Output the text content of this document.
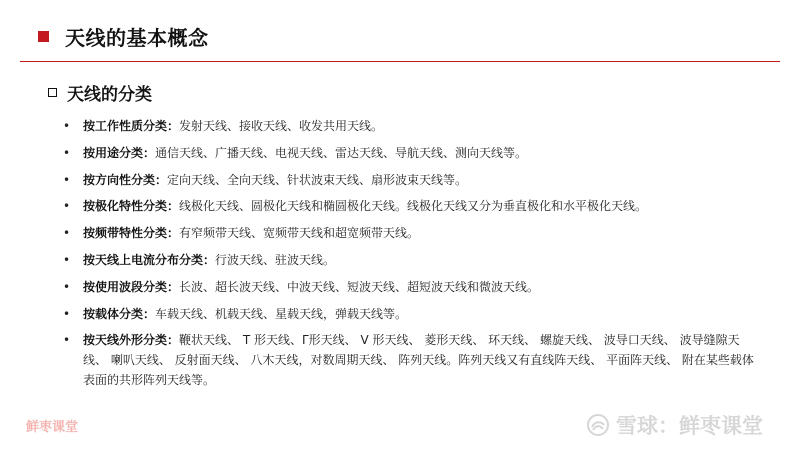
天线的基本概念
天线的分类
• 按工作性质分类：发射天线、接收天线、收发共用天线。
• 按用途分类：通信天线、广播天线、电视天线、雷达天线、导航天线、测向天线等。
• 按方向性分类：定向天线、全向天线、针状波束天线、扇形波束天线等。
• 按极化特性分类：线极化天线、圆极化天线和椭圆极化天线。线极化天线又分为垂直极化和水平极化天线。
• 按频带特性分类：有窄频带天线、宽频带天线和超宽频带天线。
• 按天线上电流分布分类：行波天线、驻波天线。
• 按使用波段分类：长波、超长波天线、中波天线、短波天线、超短波天线和微波天线。
• 按载体分类：车载天线、机载天线、星载天线，弹载天线等。
• 按天线外形分类：鞭状天线、 T 形天线、Γ形天线、 V 形天线、 菱形天线、 环天线、 螺旋天线、 波导口天线、 波导缝隙天线、 喇叭天线、 反射面天线、 八木天线，对数周期天线、 阵列天线。阵列天线又有直线阵天线、 平面阵天线、 附在某些载体表面的共形阵列天线等。
鲜枣课堂	雪球：鲜枣课堂
